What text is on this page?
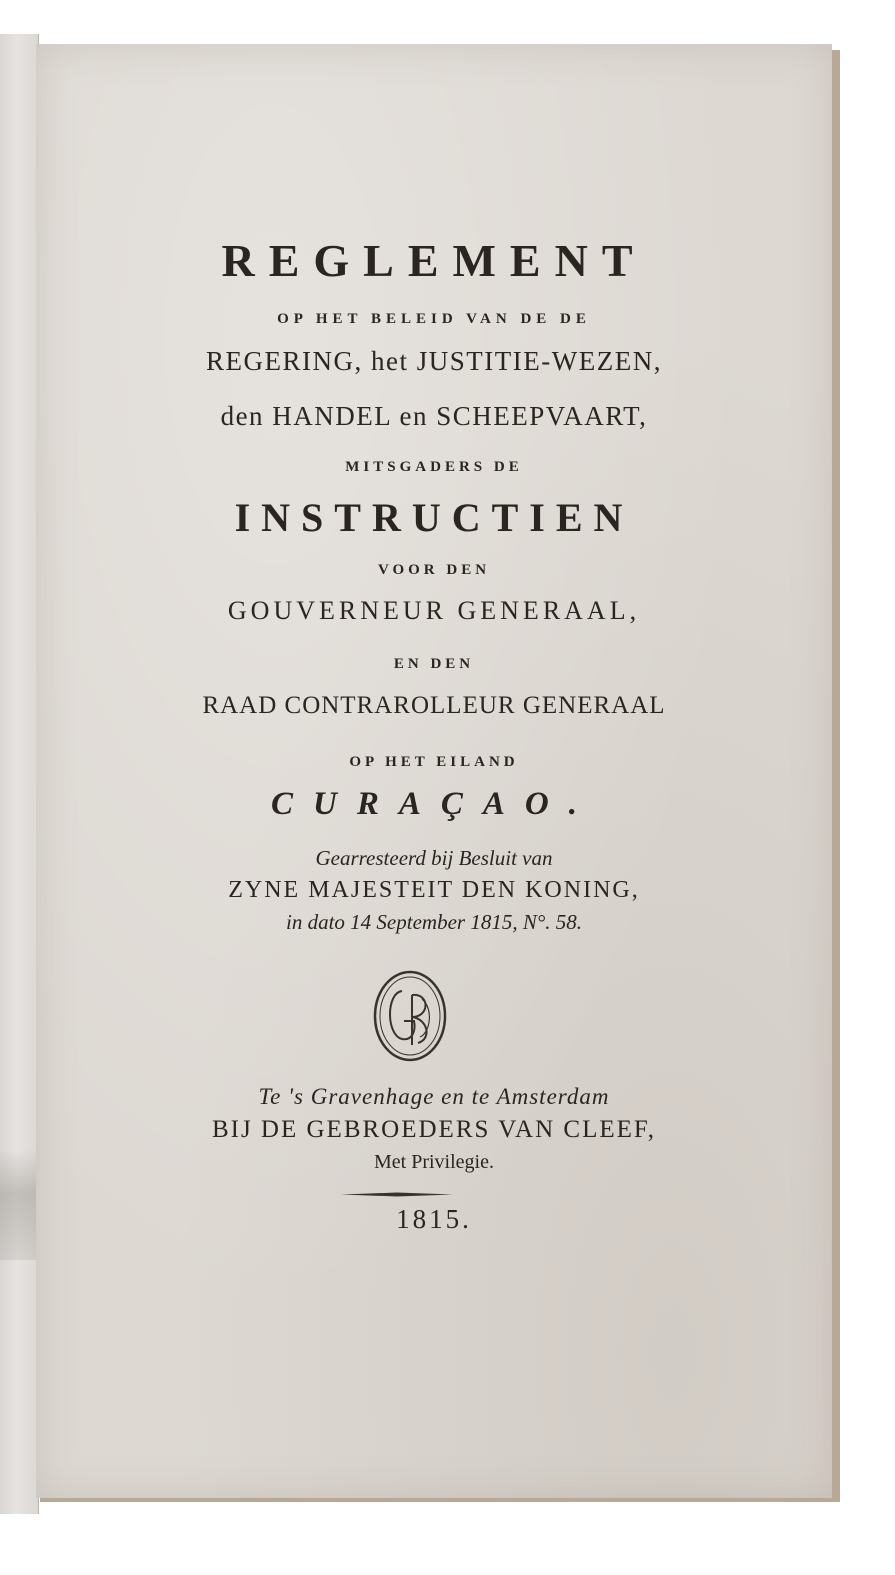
REGLEMENT
OP HET BELEID VAN DE DE
REGERING, het JUSTITIE-WEZEN,
den HANDEL en SCHEEPVAART,
MITSGADERS DE
INSTRUCTIEN
VOOR DEN
GOUVERNEUR GENERAAL,
EN DEN
RAAD CONTRAROLLEUR GENERAAL
OP HET EILAND
CURAÇAO.
Gearresteerd bij Besluit van
ZYNE MAJESTEIT DEN KONING,
in dato 14 September 1815, N°. 58.
Te 's Gravenhage en te Amsterdam
BIJ DE GEBROEDERS VAN CLEEF,
Met Privilegie.
1815.
